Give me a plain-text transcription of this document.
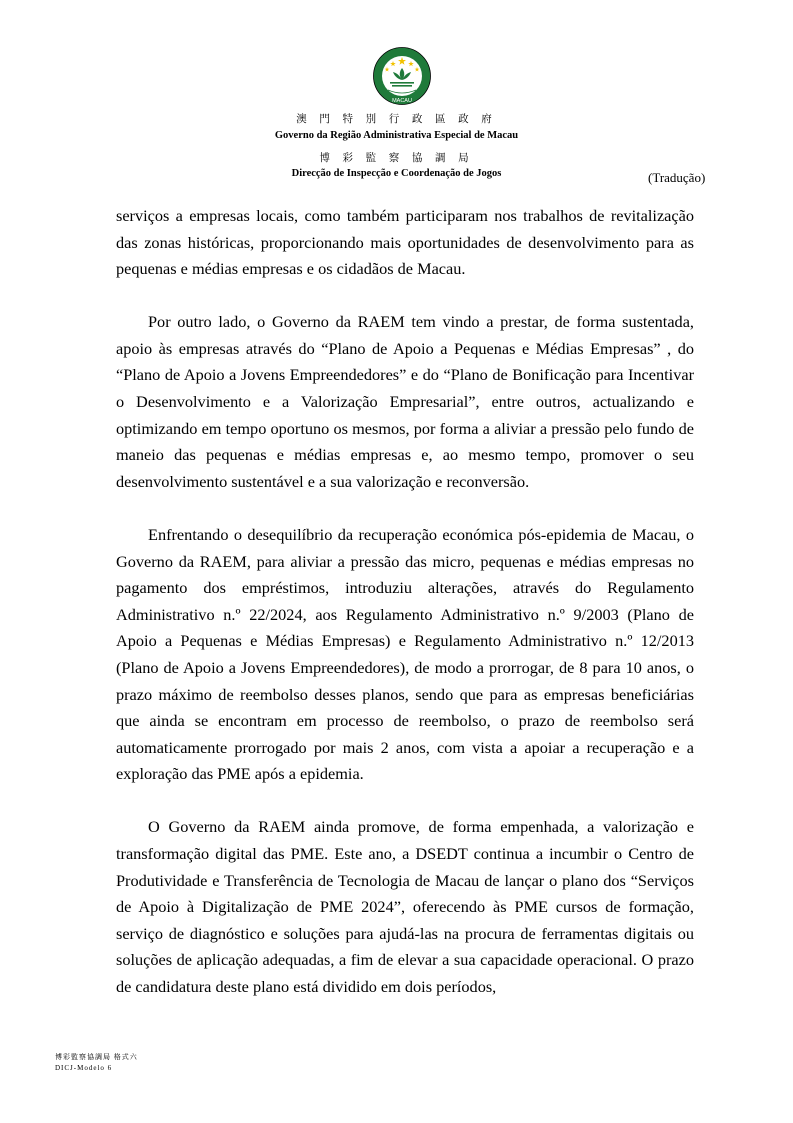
MACAU
澳 門 特 別 行 政 區 政 府
Governo da Região Administrativa Especial de Macau
博 彩 監 察 協 調 局
Direcção de Inspecção e Coordenação de Jogos	(Tradução)

serviços a empresas locais, como também participaram nos trabalhos de revitalização das zonas históricas, proporcionando mais oportunidades de desenvolvimento para as pequenas e médias empresas e os cidadãos de Macau.

Por outro lado, o Governo da RAEM tem vindo a prestar, de forma sustentada, apoio às empresas através do “Plano de Apoio a Pequenas e Médias Empresas” , do “Plano de Apoio a Jovens Empreendedores” e do “Plano de Bonificação para Incentivar o Desenvolvimento e a Valorização Empresarial”, entre outros, actualizando e optimizando em tempo oportuno os mesmos, por forma a aliviar a pressão pelo fundo de maneio das pequenas e médias empresas e, ao mesmo tempo, promover o seu desenvolvimento sustentável e a sua valorização e reconversão.

Enfrentando o desequilíbrio da recuperação económica pós-epidemia de Macau, o Governo da RAEM, para aliviar a pressão das micro, pequenas e médias empresas no pagamento dos empréstimos, introduziu alterações, através do Regulamento Administrativo n.º 22/2024, aos Regulamento Administrativo n.º 9/2003 (Plano de Apoio a Pequenas e Médias Empresas) e Regulamento Administrativo n.º 12/2013 (Plano de Apoio a Jovens Empreendedores), de modo a prorrogar, de 8 para 10 anos, o prazo máximo de reembolso desses planos, sendo que para as empresas beneficiárias que ainda se encontram em processo de reembolso, o prazo de reembolso será automaticamente prorrogado por mais 2 anos, com vista a apoiar a recuperação e a exploração das PME após a epidemia.

O Governo da RAEM ainda promove, de forma empenhada, a valorização e transformação digital das PME. Este ano, a DSEDT continua a incumbir o Centro de Produtividade e Transferência de Tecnologia de Macau de lançar o plano dos “Serviços de Apoio à Digitalização de PME 2024”, oferecendo às PME cursos de formação, serviço de diagnóstico e soluções para ajudá-las na procura de ferramentas digitais ou soluções de aplicação adequadas, a fim de elevar a sua capacidade operacional. O prazo de candidatura deste plano está dividido em dois períodos,

博彩監察協調局 格式六
DICJ-Modelo 6
